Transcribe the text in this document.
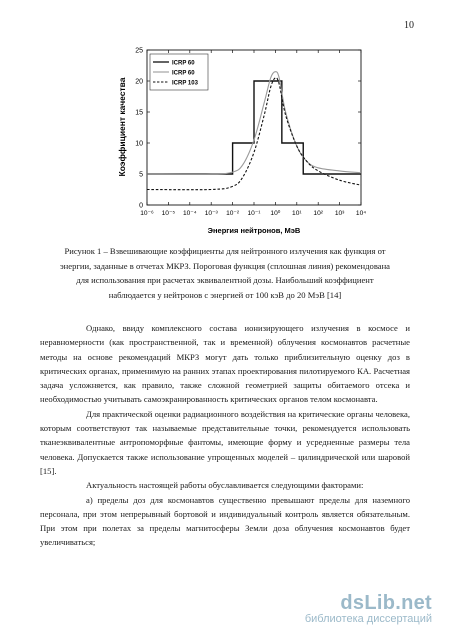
10
0
5
10
15
20
25
10⁻⁶ 10⁻⁵ 10⁻⁴ 10⁻³ 10⁻² 10⁻¹ 10⁰ 10¹ 10² 10³ 10⁴
ICRP 60
ICRP 60
ICRP 103
Коэффициент качества
Энергия нейтронов, МэВ
Рисунок 1 – Взвешивающие коэффициенты для нейтронного излучения как функция от
энергии, заданные в отчетах МКРЗ. Пороговая функция (сплошная линия) рекомендована
для использования при расчетах эквивалентной дозы. Наибольший коэффициент
наблюдается у нейтронов с энергией от 100 кэВ до 20 МэВ [14]

Однако, ввиду комплексного состава ионизирующего излучения в космосе и неравномерности (как пространственной, так и временной) облучения космонавтов расчетные методы на основе рекомендаций МКРЗ могут дать только приблизительную оценку доз в критических органах, применимую на ранних этапах проектирования пилотируемого КА. Расчетная задача усложняется, как правило, также сложной геометрией защиты обитаемого отсека и необходимостью учитывать самоэкранированность критических органов телом космонавта.

Для практической оценки радиационного воздействия на критические органы человека, которым соответствуют так называемые представительные точки, рекомендуется использовать тканеэквивалентные антропоморфные фантомы, имеющие форму и усредненные размеры тела человека. Допускается также использование упрощенных моделей – цилиндрической или шаровой [15].

Актуальность настоящей работы обуславливается следующими факторами:

а) пределы доз для космонавтов существенно превышают пределы для наземного персонала, при этом непрерывный бортовой и индивидуальный контроль является обязательным. При этом при полетах за пределы магнитосферы Земли доза облучения космонавтов будет увеличиваться;

dsLib.net
библиотека диссертаций
